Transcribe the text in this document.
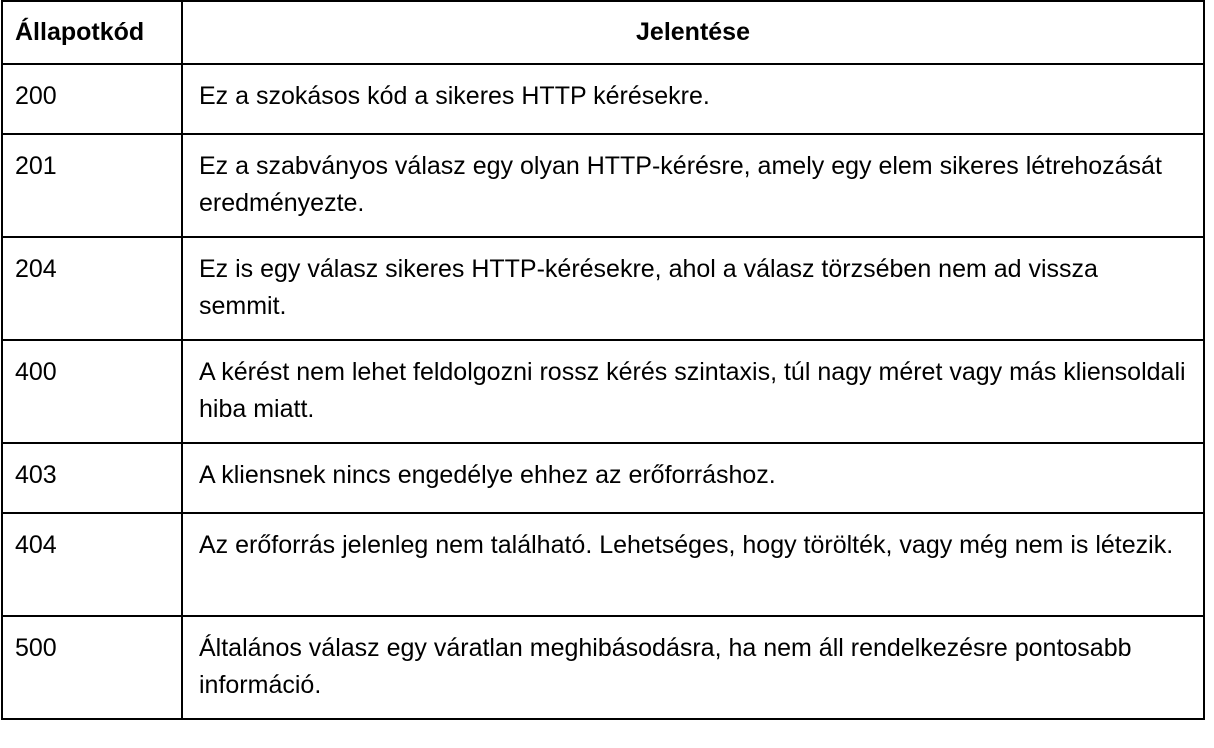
Állapotkód	Jelentése
200	Ez a szokásos kód a sikeres HTTP kérésekre.
201	Ez a szabványos válasz egy olyan HTTP-kérésre, amely egy elem sikeres létrehozását eredményezte.
204	Ez is egy válasz sikeres HTTP-kérésekre, ahol a válasz törzsében nem ad vissza semmit.
400	A kérést nem lehet feldolgozni rossz kérés szintaxis, túl nagy méret vagy más kliensoldali hiba miatt.
403	A kliensnek nincs engedélye ehhez az erőforráshoz.
404	Az erőforrás jelenleg nem található. Lehetséges, hogy törölték, vagy még nem is létezik.
500	Általános válasz egy váratlan meghibásodásra, ha nem áll rendelkezésre pontosabb információ.
